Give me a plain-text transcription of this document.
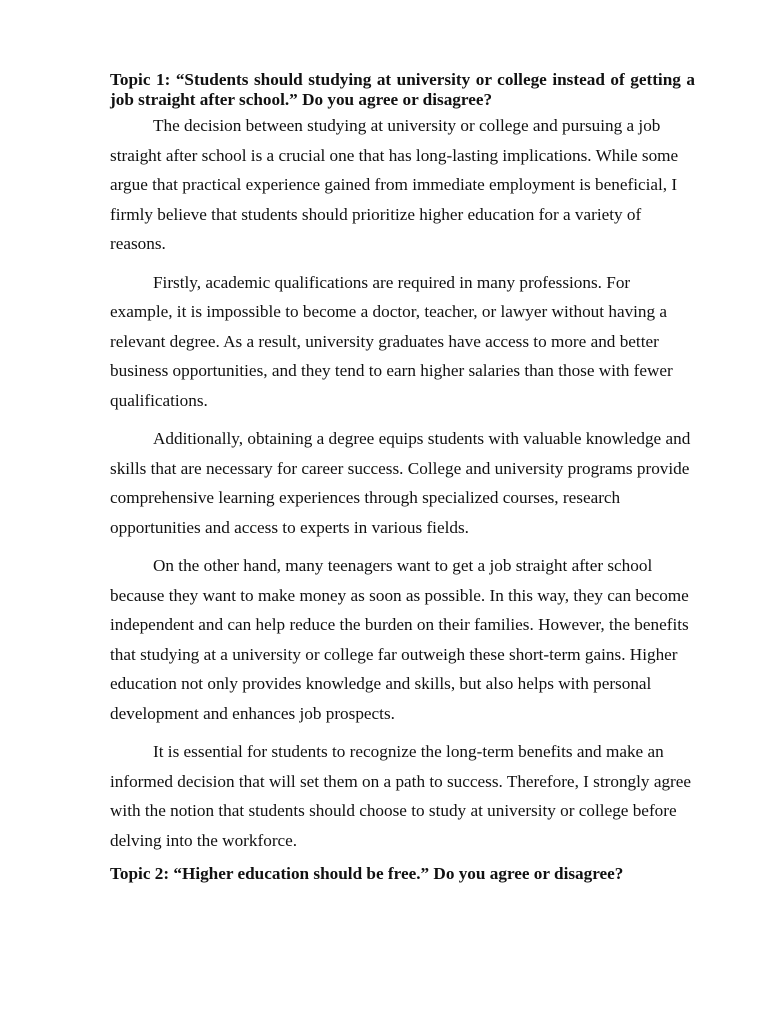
Topic 1: “Students should studying at university or college instead of getting a job straight after school.” Do you agree or disagree?

The decision between studying at university or college and pursuing a job straight after school is a crucial one that has long-lasting implications. While some argue that practical experience gained from immediate employment is beneficial, I firmly believe that students should prioritize higher education for a variety of reasons.

Firstly, academic qualifications are required in many professions. For example, it is impossible to become a doctor, teacher, or lawyer without having a relevant degree. As a result, university graduates have access to more and better business opportunities, and they tend to earn higher salaries than those with fewer qualifications.

Additionally, obtaining a degree equips students with valuable knowledge and skills that are necessary for career success. College and university programs provide comprehensive learning experiences through specialized courses, research opportunities and access to experts in various fields.

On the other hand, many teenagers want to get a job straight after school because they want to make money as soon as possible. In this way, they can become independent and can help reduce the burden on their families. However, the benefits that studying at a university or college far outweigh these short-term gains. Higher education not only provides knowledge and skills, but also helps with personal development and enhances job prospects.

It is essential for students to recognize the long-term benefits and make an informed decision that will set them on a path to success. Therefore, I strongly agree with the notion that students should choose to study at university or college before delving into the workforce.

Topic 2: “Higher education should be free.” Do you agree or disagree?
